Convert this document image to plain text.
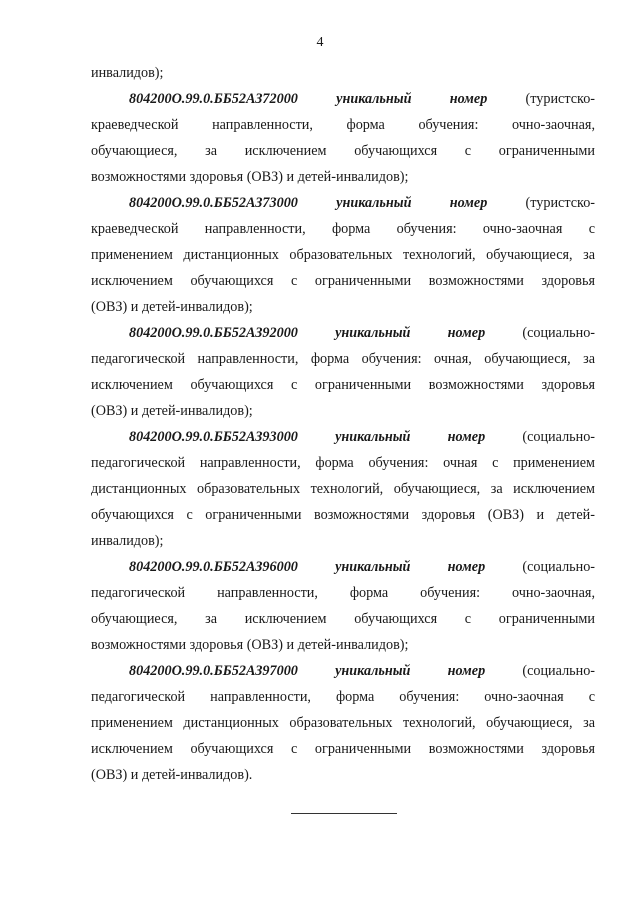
4
инвалидов);
804200О.99.0.ББ52АЗ72000	уникальный	номер	(туристско-
краеведческой направленности, форма обучения: очно-заочная,
обучающиеся, за исключением обучающихся с ограниченными
возможностями здоровья (ОВЗ) и детей-инвалидов);
804200О.99.0.ББ52АЗ73000	уникальный	номер	(туристско-
краеведческой направленности, форма обучения: очно-заочная с
применением дистанционных образовательных технологий, обучающиеся, за
исключением обучающихся с ограниченными возможностями здоровья
(ОВЗ) и детей-инвалидов);
804200О.99.0.ББ52АЗ92000	уникальный	номер	(социально-
педагогической направленности, форма обучения: очная, обучающиеся, за
исключением обучающихся с ограниченными возможностями здоровья
(ОВЗ) и детей-инвалидов);
804200О.99.0.ББ52АЗ93000	уникальный	номер	(социально-
педагогической направленности, форма обучения: очная с применением
дистанционных образовательных технологий, обучающиеся, за исключением
обучающихся с ограниченными возможностями здоровья (ОВЗ) и детей-
инвалидов);
804200О.99.0.ББ52АЗ96000	уникальный	номер	(социально-
педагогической направленности, форма обучения: очно-заочная,
обучающиеся, за исключением обучающихся с ограниченными
возможностями здоровья (ОВЗ) и детей-инвалидов);
804200О.99.0.ББ52АЗ97000	уникальный	номер	(социально-
педагогической направленности, форма обучения: очно-заочная с
применением дистанционных образовательных технологий, обучающиеся, за
исключением обучающихся с ограниченными возможностями здоровья
(ОВЗ) и детей-инвалидов).
